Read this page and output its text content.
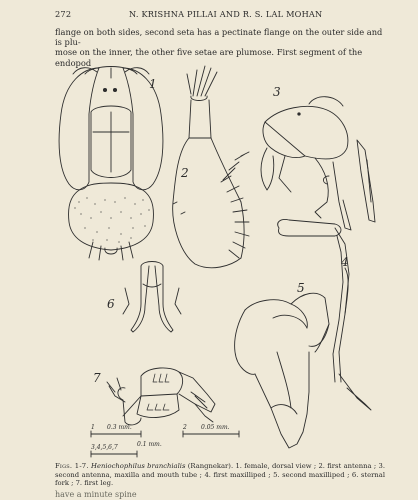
272	N. KRISHNA PILLAI AND R. S. LAL MOHAN

flange on both sides, second seta has a pectinate flange on the outer side and is plu-

mose on the inner, the other five setae are plumose. First segment of the endopod

1
2
3
4
5
6
7
1 0.3 mm.	2 0.05 mm.
3,4,5,6,7	0.1 mm.
Figs. 1-7. Heniochophilus branchialis (Rangnekar). 1. female, dorsal view ; 2. first antenna ; 3. second antenna, maxilla and mouth tube ; 4. first maxilliped ; 5. second maxilliped ; 6. sternal fork ; 7. first leg.
have a minute spine
